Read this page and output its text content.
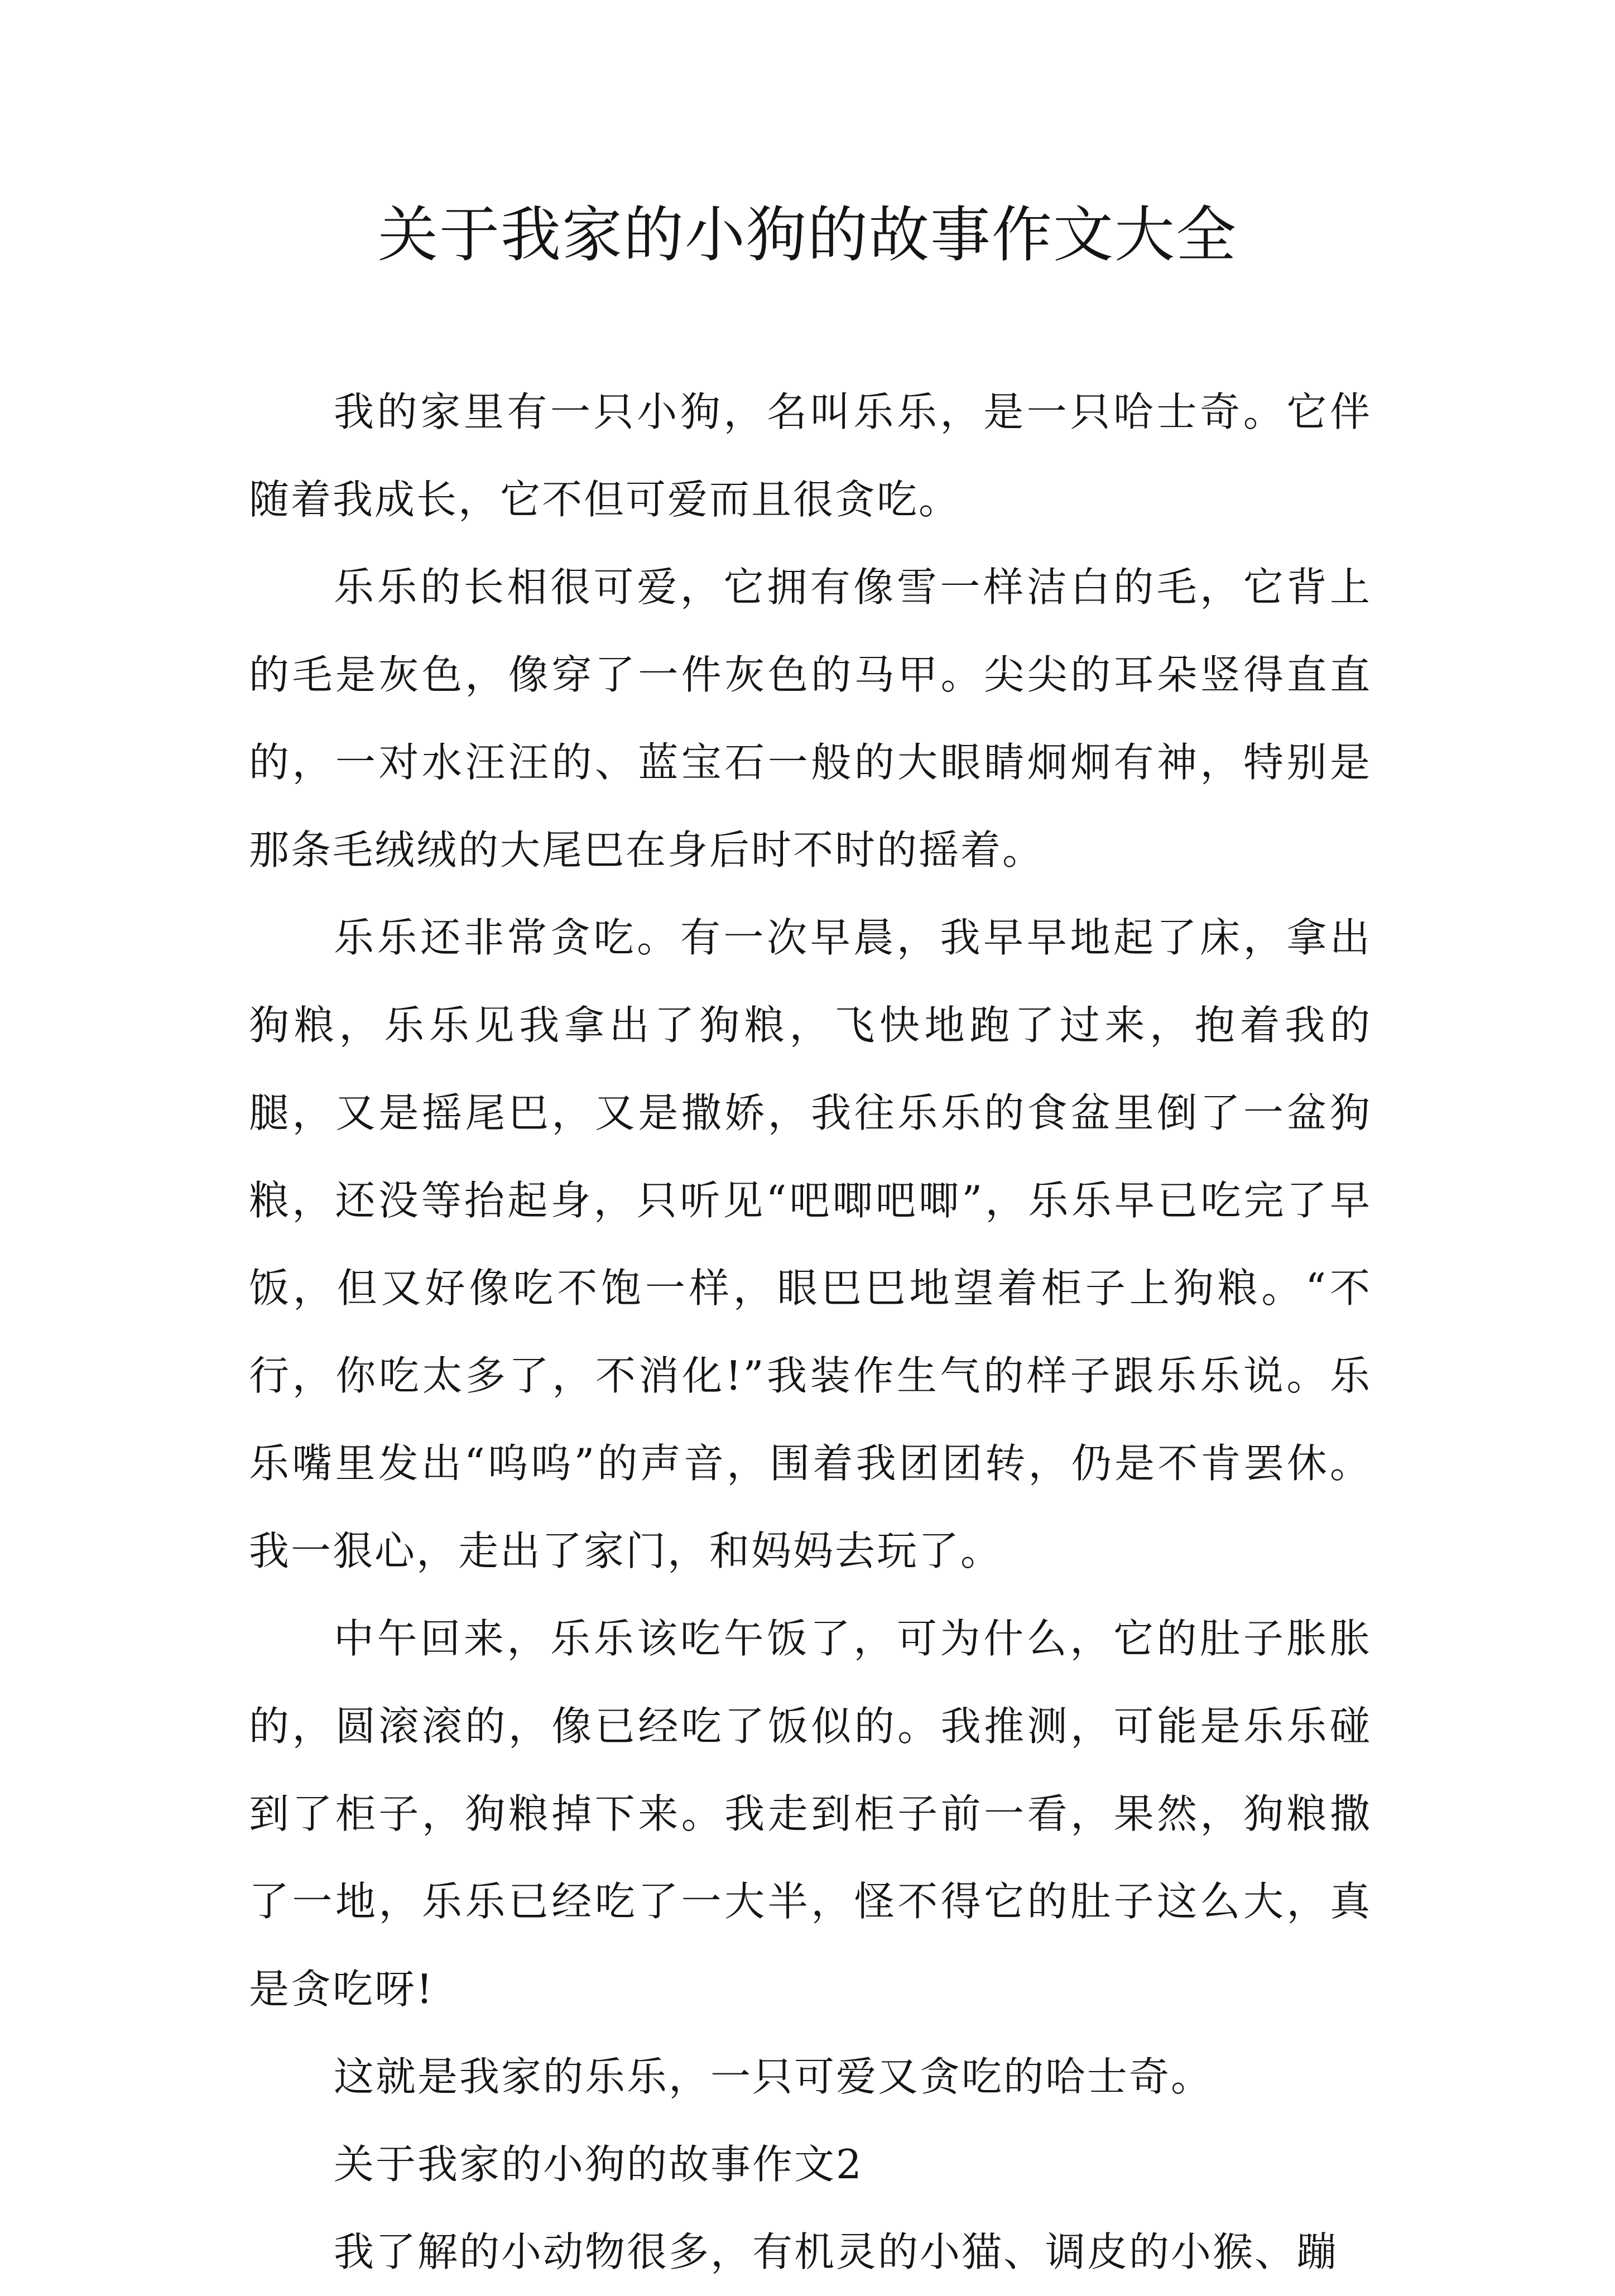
关于我家的小狗的故事作文大全

我的家里有一只小狗，名叫乐乐，是一只哈士奇。它伴随着我成长，它不但可爱而且很贪吃。

乐乐的长相很可爱，它拥有像雪一样洁白的毛，它背上的毛是灰色，像穿了一件灰色的马甲。尖尖的耳朵竖得直直的，一对水汪汪的、蓝宝石一般的大眼睛炯炯有神，特别是那条毛绒绒的大尾巴在身后时不时的摇着。

乐乐还非常贪吃。有一次早晨，我早早地起了床，拿出狗粮，乐乐见我拿出了狗粮，飞快地跑了过来，抱着我的腿，又是摇尾巴，又是撒娇，我往乐乐的食盆里倒了一盆狗粮，还没等抬起身，只听见“吧唧吧唧”，乐乐早已吃完了早饭，但又好像吃不饱一样，眼巴巴地望着柜子上狗粮。“不行，你吃太多了，不消化!”我装作生气的样子跟乐乐说。乐乐嘴里发出“呜呜”的声音，围着我团团转，仍是不肯罢休。我一狠心，走出了家门，和妈妈去玩了。

中午回来，乐乐该吃午饭了，可为什么，它的肚子胀胀的，圆滚滚的，像已经吃了饭似的。我推测，可能是乐乐碰到了柜子，狗粮掉下来。我走到柜子前一看，果然，狗粮撒了一地，乐乐已经吃了一大半，怪不得它的肚子这么大，真是贪吃呀!

这就是我家的乐乐，一只可爱又贪吃的哈士奇。

关于我家的小狗的故事作文2

我了解的小动物很多，有机灵的小猫、调皮的小猴、蹦
